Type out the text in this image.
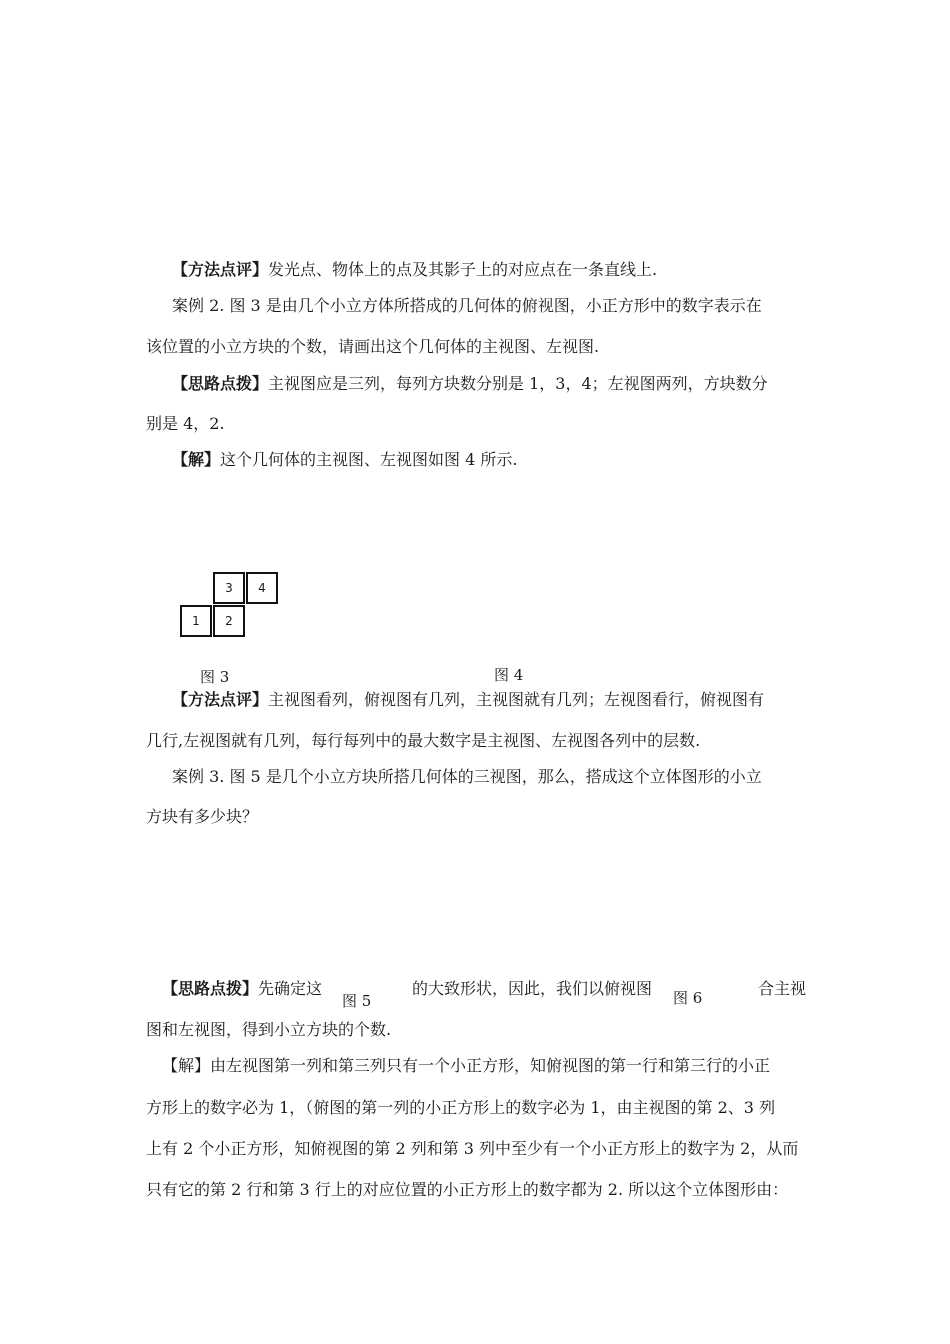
【方法点评】发光点、物体上的点及其影子上的对应点在一条直线上.
案例 2. 图 3 是由几个小立方体所搭成的几何体的俯视图，小正方形中的数字表示在
该位置的小立方块的个数，请画出这个几何体的主视图、左视图.
【思路点拨】主视图应是三列，每列方块数分别是 1，3，4；左视图两列，方块数分
别是 4，2.
【解】这个几何体的主视图、左视图如图 4 所示.
3	4
1	2
图 3	图 4
【方法点评】主视图看列，俯视图有几列，主视图就有几列；左视图看行，俯视图有
几行,左视图就有几列，每行每列中的最大数字是主视图、左视图各列中的层数.
案例 3. 图 5 是几个小立方块所搭几何体的三视图，那么，搭成这个立体图形的小立
方块有多少块？
【思路点拨】先确定这	的大致形状，因此，我们以俯视图	合主视
图 5	图 6
图和左视图，得到小立方块的个数.
【解】由左视图第一列和第三列只有一个小正方形，知俯视图的第一行和第三行的小正
方形上的数字必为 1，（俯图的第一列的小正方形上的数字必为 1，由主视图的第 2、3 列
上有 2 个小正方形，知俯视图的第 2 列和第 3 列中至少有一个小正方形上的数字为 2，从而
只有它的第 2 行和第 3 行上的对应位置的小正方形上的数字都为 2. 所以这个立体图形由：
